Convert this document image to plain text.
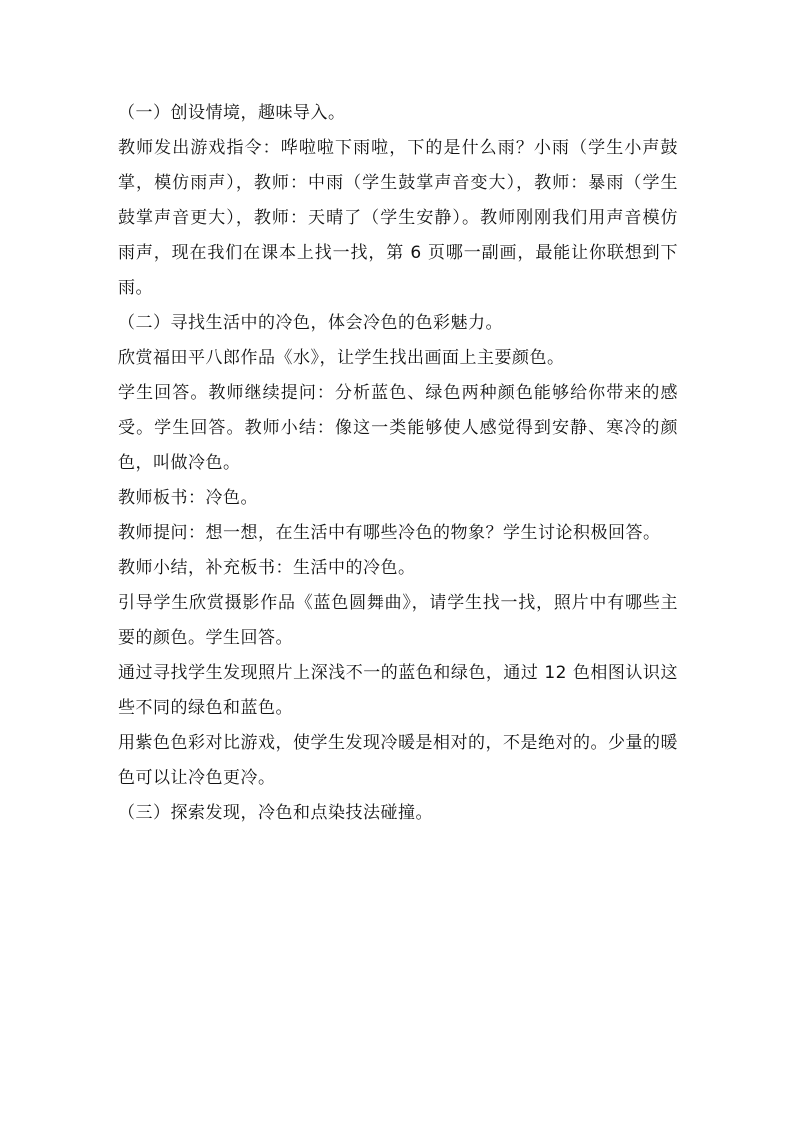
（一）创设情境，趣味导入。

教师发出游戏指令：哗啦啦下雨啦，下的是什么雨？小雨（学生小声鼓掌，模仿雨声），教师：中雨（学生鼓掌声音变大），教师：暴雨（学生鼓掌声音更大），教师：天晴了（学生安静）。教师刚刚我们用声音模仿雨声，现在我们在课本上找一找，第 6 页哪一副画，最能让你联想到下雨。

（二）寻找生活中的冷色，体会冷色的色彩魅力。

欣赏福田平八郎作品《水》，让学生找出画面上主要颜色。

学生回答。教师继续提问：分析蓝色、绿色两种颜色能够给你带来的感受。学生回答。教师小结：像这一类能够使人感觉得到安静、寒冷的颜色，叫做冷色。

教师板书：冷色。

教师提问：想一想，在生活中有哪些冷色的物象？学生讨论积极回答。

教师小结，补充板书：生活中的冷色。

引导学生欣赏摄影作品《蓝色圆舞曲》，请学生找一找，照片中有哪些主要的颜色。学生回答。

通过寻找学生发现照片上深浅不一的蓝色和绿色，通过 12 色相图认识这些不同的绿色和蓝色。

用紫色色彩对比游戏，使学生发现冷暖是相对的，不是绝对的。少量的暖色可以让冷色更冷。

（三）探索发现，冷色和点染技法碰撞。
